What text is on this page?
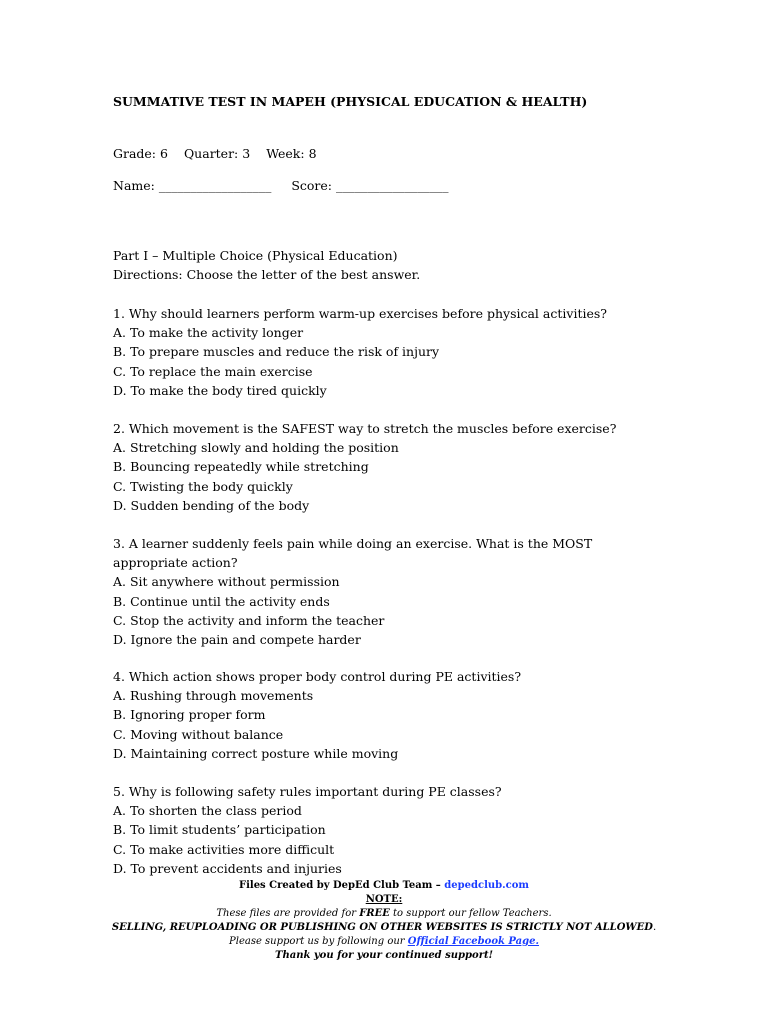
SUMMATIVE TEST IN MAPEH (PHYSICAL EDUCATION & HEALTH)
Grade: 6 Quarter: 3 Week: 8
Name: __________________ Score: __________________
Part I – Multiple Choice (Physical Education)
Directions: Choose the letter of the best answer.

1. Why should learners perform warm-up exercises before physical activities?

A. To make the activity longer

B. To prepare muscles and reduce the risk of injury

C. To replace the main exercise

D. To make the body tired quickly

2. Which movement is the SAFEST way to stretch the muscles before exercise?

A. Stretching slowly and holding the position

B. Bouncing repeatedly while stretching

C. Twisting the body quickly

D. Sudden bending of the body

3. A learner suddenly feels pain while doing an exercise. What is the MOST appropriate action?

A. Sit anywhere without permission

B. Continue until the activity ends

C. Stop the activity and inform the teacher

D. Ignore the pain and compete harder

4. Which action shows proper body control during PE activities?

A. Rushing through movements

B. Ignoring proper form

C. Moving without balance

D. Maintaining correct posture while moving

5. Why is following safety rules important during PE classes?

A. To shorten the class period

B. To limit students’ participation

C. To make activities more difficult

D. To prevent accidents and injuries

Files Created by DepEd Club Team – depedclub.com

NOTE:

These files are provided for FREE to support our fellow Teachers.

SELLING, REUPLOADING OR PUBLISHING ON OTHER WEBSITES IS STRICTLY NOT ALLOWED.

Please support us by following our Official Facebook Page.

Thank you for your continued support!
